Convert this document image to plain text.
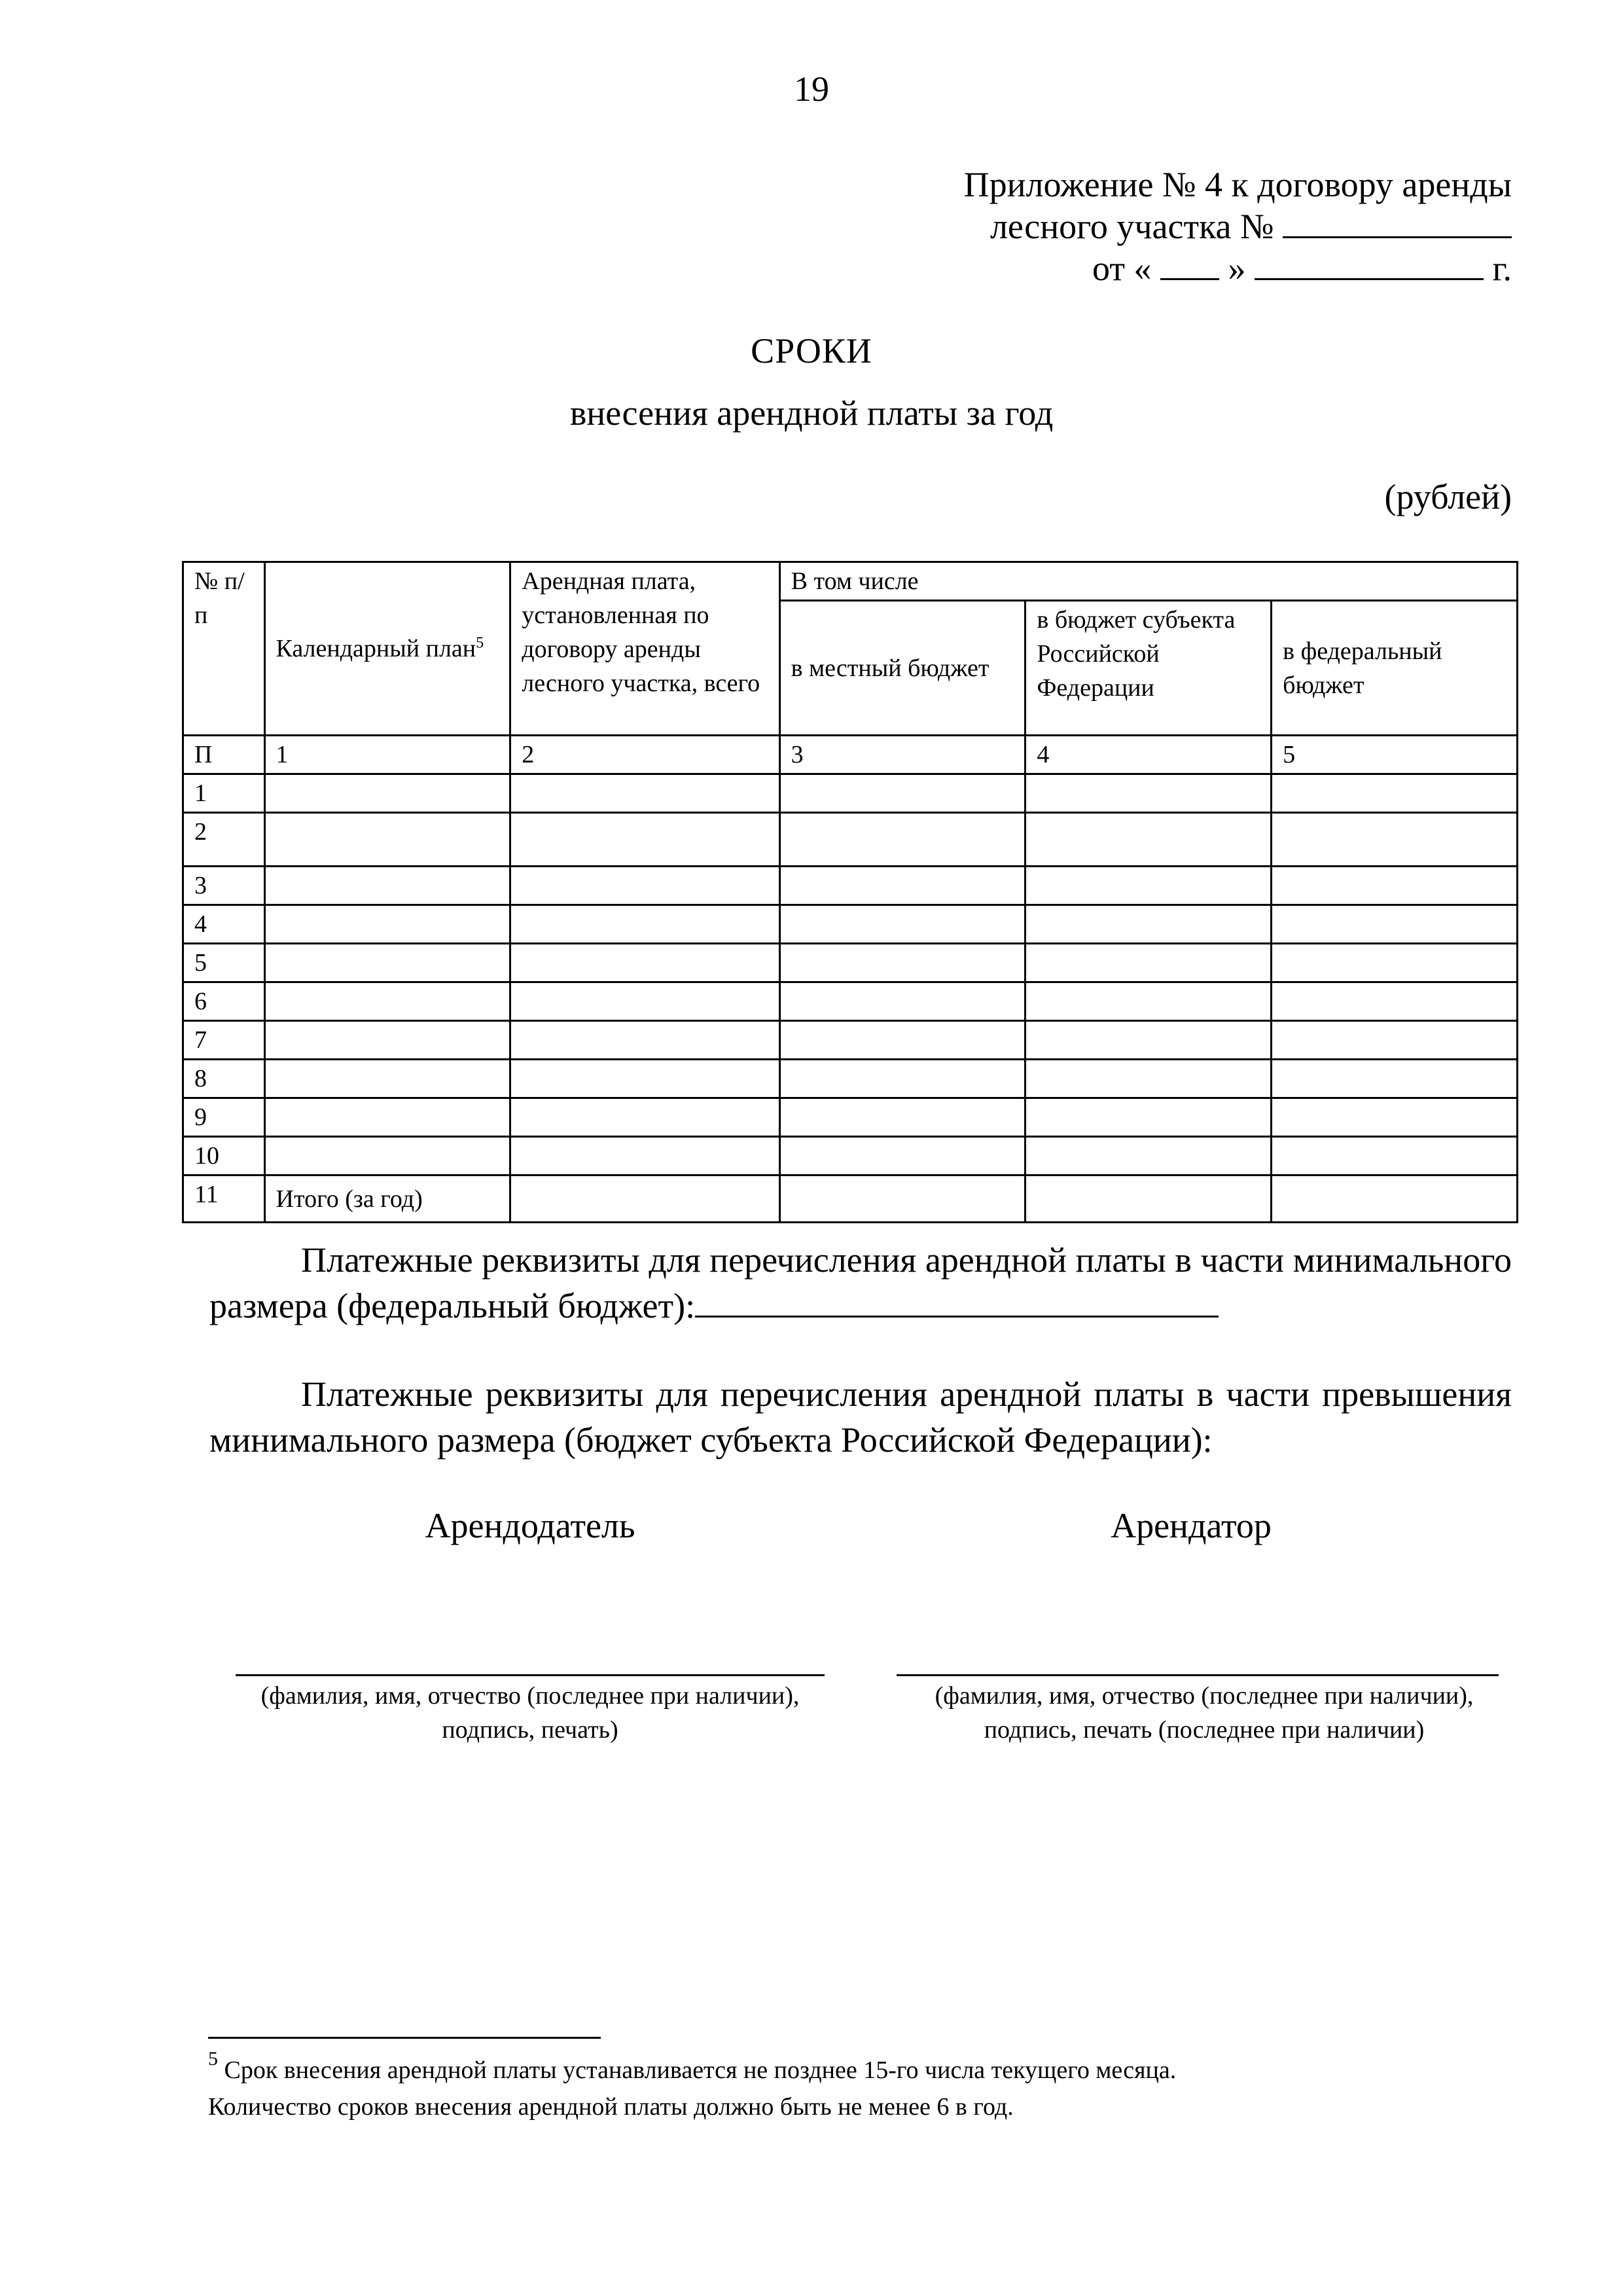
19
Приложение № 4 к договору аренды
лесного участка №
от « »	г.
СРОКИ
внесения арендной платы за год
(рублей)
№ п/п	Календарный план$^5$	Арендная плата, установленная по договору аренды лесного участка, всего	В том числе		
			в местный бюджет	в бюджет субъекта Российской Федерации	в федеральный бюджет
П	1	2	3	4	5
1					
2					
3					
4					
5					
6					
7					
8					
9					
10					
11	Итого (за год)				

Платежные реквизиты для перечисления арендной платы в части минимального размера (федеральный бюджет):

Платежные реквизиты для перечисления арендной платы в части превышения минимального размера (бюджет субъекта Российской Федерации):

Арендодатель	Арендатор
(фамилия, имя, отчество (последнее при наличии),
подпись, печать)
(фамилия, имя, отчество (последнее при наличии),
подпись, печать (последнее при наличии)
$^5$ Срок внесения арендной платы устанавливается не позднее 15-го числа текущего месяца.
Количество сроков внесения арендной платы должно быть не менее 6 в год.
